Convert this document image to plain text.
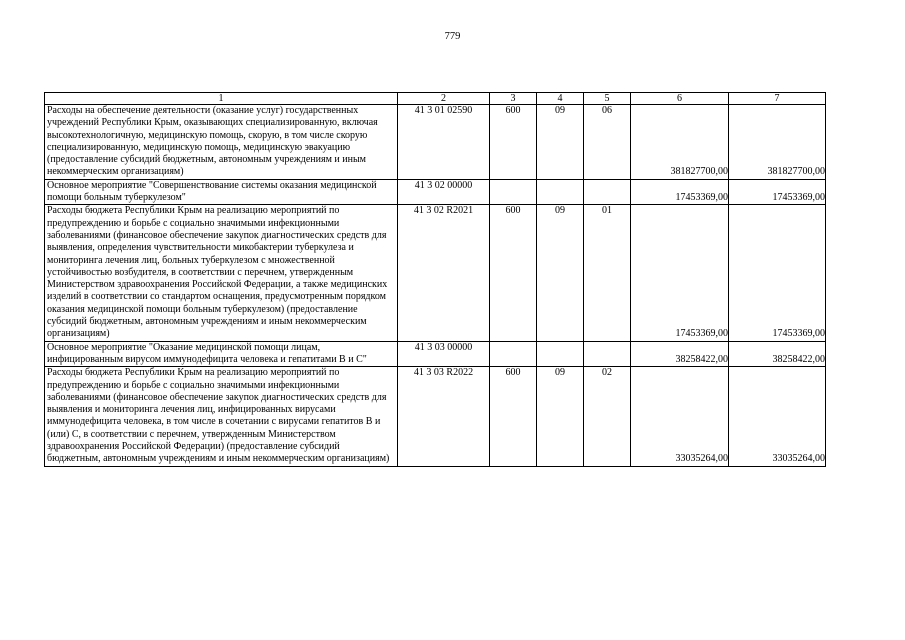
779
1	2	3	4	5	6	7
Расходы на обеспечение деятельности (оказание услуг) государственных учреждений Республики Крым, оказывающих специализированную, включая высокотехнологичную, медицинскую помощь, скорую, в том числе скорую специализированную, медицинскую помощь, медицинскую эвакуацию (предоставление субсидий бюджетным, автономным учреждениям и иным некоммерческим организациям)	41 3 01 02590	600	09	06	381827700,00	381827700,00
Основное мероприятие "Совершенствование системы оказания медицинской помощи больным туберкулезом"	41 3 02 00000				17453369,00	17453369,00
Расходы бюджета Республики Крым на реализацию мероприятий по предупреждению и борьбе с социально значимыми инфекционными заболеваниями (финансовое обеспечение закупок диагностических средств для выявления, определения чувствительности микобактерии туберкулеза и мониторинга лечения лиц, больных туберкулезом с множественной устойчивостью возбудителя, в соответствии с перечнем, утвержденным Министерством здравоохранения Российской Федерации, а также медицинских изделий в соответствии со стандартом оснащения, предусмотренным порядком оказания медицинской помощи больным туберкулезом) (предоставление субсидий бюджетным, автономным учреждениям и иным некоммерческим организациям)	41 3 02 R2021	600	09	01	17453369,00	17453369,00
Основное мероприятие "Оказание медицинской помощи лицам, инфицированным вирусом иммунодефицита человека и гепатитами В и С"	41 3 03 00000				38258422,00	38258422,00
Расходы бюджета Республики Крым на реализацию мероприятий по предупреждению и борьбе с социально значимыми инфекционными заболеваниями (финансовое обеспечение закупок диагностических средств для выявления и мониторинга лечения лиц, инфицированных вирусами иммунодефицита человека, в том числе в сочетании с вирусами гепатитов В и (или) С, в соответствии с перечнем, утвержденным Министерством здравоохранения Российской Федерации) (предоставление субсидий бюджетным, автономным учреждениям и иным некоммерческим организациям)	41 3 03 R2022	600	09	02	33035264,00	33035264,00
